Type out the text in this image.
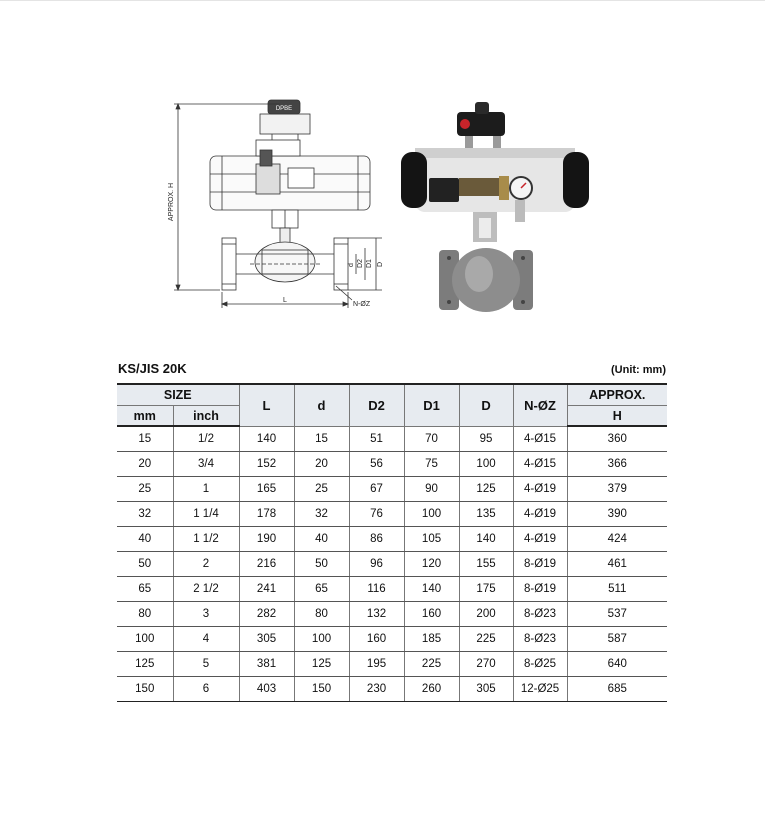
APPROX. H
d D2 D1 D
N-ØZ
L
DPBE
KS/JIS 20K	(Unit: mm)
SIZE		L	d	D2	D1	D	N-ØZ	APPROX.
mm	inch							H
15	1/2	140	15	51	70	95	4-Ø15	360
20	3/4	152	20	56	75	100	4-Ø15	366
25	1	165	25	67	90	125	4-Ø19	379
32	1 1/4	178	32	76	100	135	4-Ø19	390
40	1 1/2	190	40	86	105	140	4-Ø19	424
50	2	216	50	96	120	155	8-Ø19	461
65	2 1/2	241	65	116	140	175	8-Ø19	511
80	3	282	80	132	160	200	8-Ø23	537
100	4	305	100	160	185	225	8-Ø23	587
125	5	381	125	195	225	270	8-Ø25	640
150	6	403	150	230	260	305	12-Ø25	685
